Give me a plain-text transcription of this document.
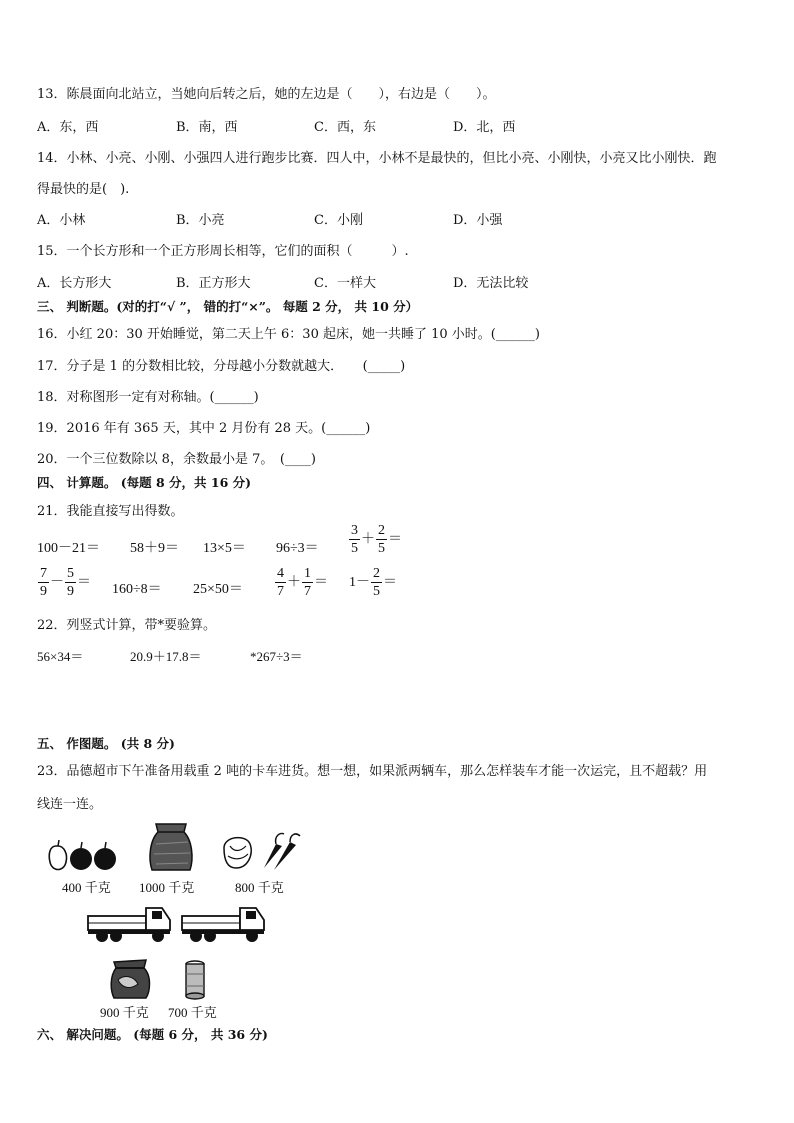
13．陈晨面向北站立，当她向后转之后，她的左边是（　　），右边是（　　）。
A．东，西	B．南，西	C．西，东	D．北，西
14．小林、小亮、小刚、小强四人进行跑步比赛．四人中，小林不是最快的，但比小亮、小刚快，小亮又比小刚快．跑
得最快的是(　).
A．小林	B．小亮	C．小刚	D．小强
15．一个长方形和一个正方形周长相等，它们的面积（　　　）.
A．长方形大	B．正方形大	C．一样大	D．无法比较
三、 判断题。(对的打“√ ”， 错的打“×”。 每题 2 分， 共 10 分）
16．小红 20：30 开始睡觉，第二天上午 6：30 起床，她一共睡了 10 小时。(______)
17．分子是 1 的分数相比较，分母越小分数就越大．　　(_____)
18．对称图形一定有对称轴。(______)
19．2016 年有 365 天，其中 2 月份有 28 天。(______)
20．一个三位数除以 8，余数最小是 7。　(____)
四、 计算题。 (每题 8 分，共 16 分)
21．我能直接写出得数。
$100-21= 58+9= 13\times 5= 96\div 3= \frac{3}{5} + \frac{2}{5}$ ＝
$\frac{7}{9} - \frac{5}{9} = 160\div 8= 25\times 50= \frac{4}{7} + \frac{1}{7} = 1- \frac{2}{5}$ ＝
22．列竖式计算，带*要验算。
56×34＝	20.9＋17.8＝	*267÷3＝
五、 作图题。 (共 8 分)
23．品德超市下午准备用载重 2 吨的卡车进货。想一想，如果派两辆车，那么怎样装车才能一次运完，且不超载？用
线连一连。
400 千克 1000 千克	800 千克
900 千克 700 千克
六、 解决问题。 (每题 6 分， 共 36 分)
